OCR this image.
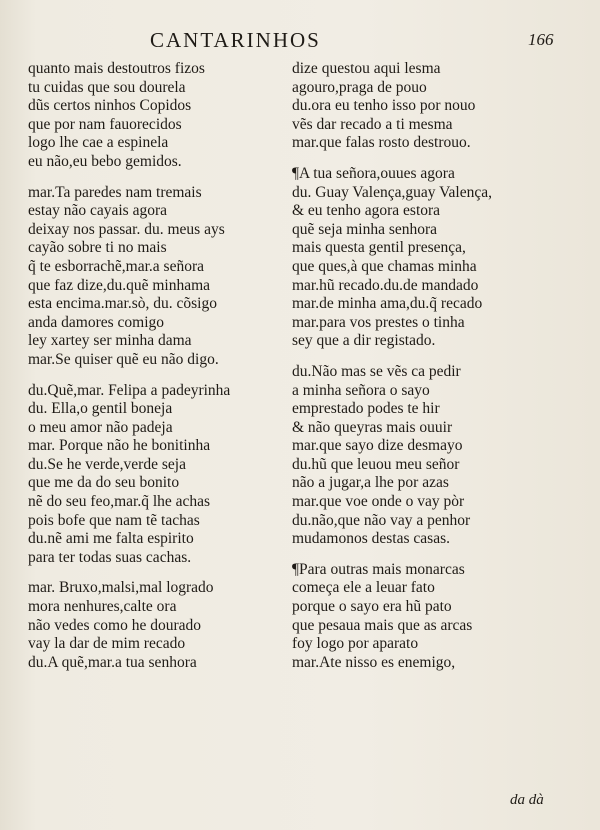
CANTARINHOS	166
quanto mais destoutros fizos
tu cuidas que sou dourela
dũs certos ninhos Copidos
que por nam fauorecidos
logo lhe cae a espinela
eu não,eu bebo gemidos.
mar.Ta paredes nam tremais
estay não cayais agora
deixay nos passar. du. meus ays
cayão sobre ti no mais
q̃ te esborrachẽ,mar.a señora
que faz dize,du.quẽ minhama
esta encima.mar.sò, du. cõsigo
anda damores comigo
ley xartey ser minha dama
mar.Se quiser quẽ eu não digo.
du.Quẽ,mar. Felipa a padeyrinha
du. Ella,o gentil boneja
o meu amor não padeja
mar. Porque não he bonitinha
du.Se he verde,verde seja
que me da do seu bonito
nẽ do seu feo,mar.q̃ lhe achas
pois bofe que nam tẽ tachas
du.nẽ ami me falta espirito
para ter todas suas cachas.
mar. Bruxo,malsi,mal logrado
mora nenhures,calte ora
não vedes como he dourado
vay la dar de mim recado
du.A quẽ,mar.a tua senhora
dize questou aqui lesma
agouro,praga de pouo
du.ora eu tenho isso por nouo
vẽs dar recado a ti mesma
mar.que falas rosto destrouo.
¶A tua señora,ouues agora
du. Guay Valença,guay Valença,
& eu tenho agora estora
quẽ seja minha senhora
mais questa gentil presença,
que ques,à que chamas minha
mar.hũ recado.du.de mandado
mar.de minha ama,du.q̃ recado
mar.para vos prestes o tinha
sey que a dir registado.
du.Não mas se vẽs ca pedir
a minha señora o sayo
emprestado podes te hir
& não queyras mais ouuir
mar.que sayo dize desmayo
du.hũ que leuou meu señor
não a jugar,a lhe por azas
mar.que voe onde o vay pòr
du.não,que não vay a penhor
mudamonos destas casas.
¶Para outras mais monarcas
começa ele a leuar fato
porque o sayo era hũ pato
que pesaua mais que as arcas
foy logo por aparato
mar.Ate nisso es enemigo,
da dà
